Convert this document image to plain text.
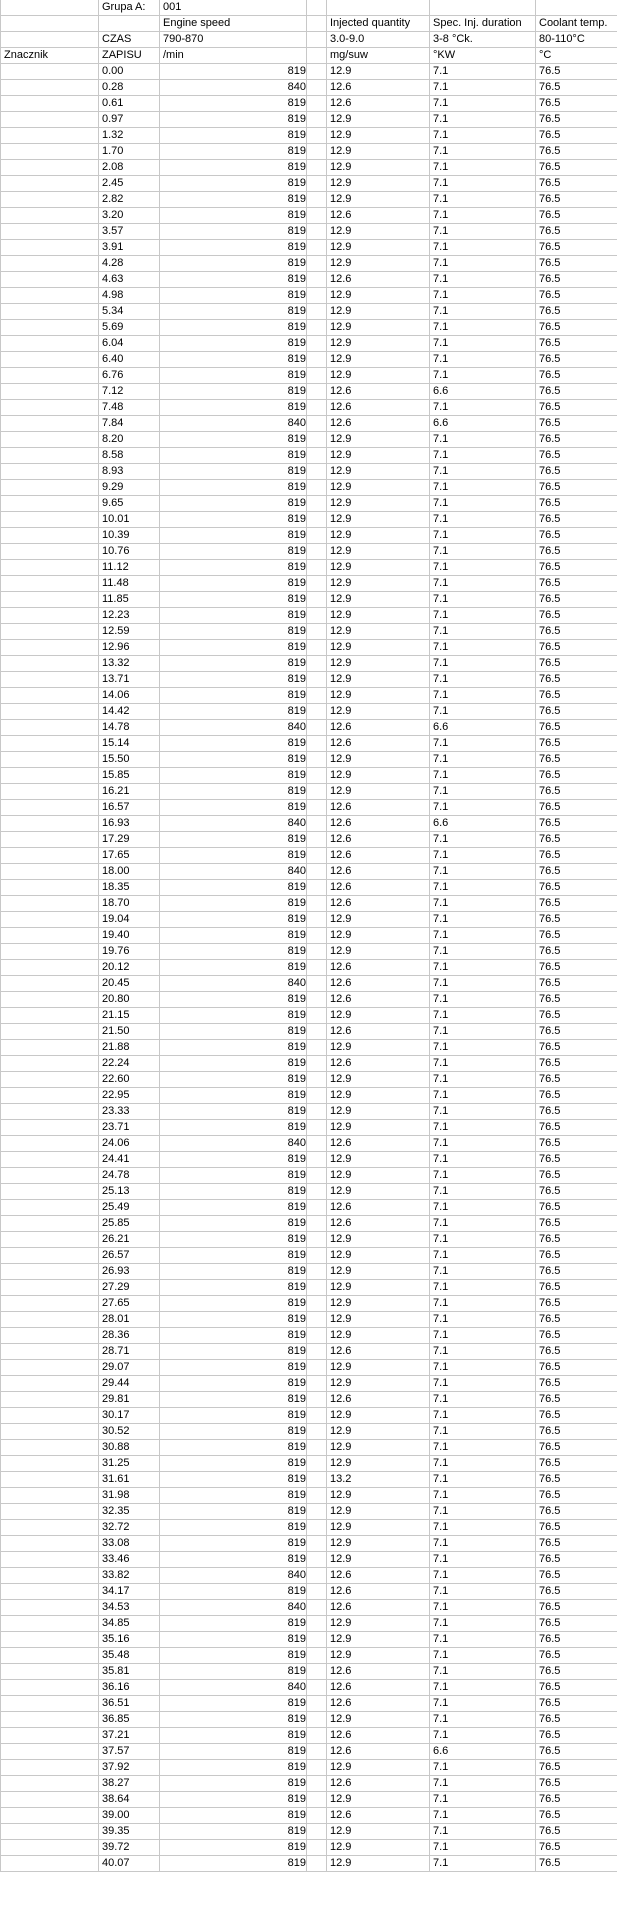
	Grupa A:	001				
		Engine speed		Injected quantity	Spec. Inj. duration	Coolant temp.
	CZAS	790-870		3.0-9.0	3-8 °Ck.	80-110°C
Znacznik	ZAPISU	/min		mg/suw	°KW	°C
	0.00	819		12.9	7.1	76.5
	0.28	840		12.6	7.1	76.5
	0.61	819		12.6	7.1	76.5
	0.97	819		12.9	7.1	76.5
	1.32	819		12.9	7.1	76.5
	1.70	819		12.9	7.1	76.5
	2.08	819		12.9	7.1	76.5
	2.45	819		12.9	7.1	76.5
	2.82	819		12.9	7.1	76.5
	3.20	819		12.6	7.1	76.5
	3.57	819		12.9	7.1	76.5
	3.91	819		12.9	7.1	76.5
	4.28	819		12.9	7.1	76.5
	4.63	819		12.6	7.1	76.5
	4.98	819		12.9	7.1	76.5
	5.34	819		12.9	7.1	76.5
	5.69	819		12.9	7.1	76.5
	6.04	819		12.9	7.1	76.5
	6.40	819		12.9	7.1	76.5
	6.76	819		12.9	7.1	76.5
	7.12	819		12.6	6.6	76.5
	7.48	819		12.6	7.1	76.5
	7.84	840		12.6	6.6	76.5
	8.20	819		12.9	7.1	76.5
	8.58	819		12.9	7.1	76.5
	8.93	819		12.9	7.1	76.5
	9.29	819		12.9	7.1	76.5
	9.65	819		12.9	7.1	76.5
	10.01	819		12.9	7.1	76.5
	10.39	819		12.9	7.1	76.5
	10.76	819		12.9	7.1	76.5
	11.12	819		12.9	7.1	76.5
	11.48	819		12.9	7.1	76.5
	11.85	819		12.9	7.1	76.5
	12.23	819		12.9	7.1	76.5
	12.59	819		12.9	7.1	76.5
	12.96	819		12.9	7.1	76.5
	13.32	819		12.9	7.1	76.5
	13.71	819		12.9	7.1	76.5
	14.06	819		12.9	7.1	76.5
	14.42	819		12.9	7.1	76.5
	14.78	840		12.6	6.6	76.5
	15.14	819		12.6	7.1	76.5
	15.50	819		12.9	7.1	76.5
	15.85	819		12.9	7.1	76.5
	16.21	819		12.9	7.1	76.5
	16.57	819		12.6	7.1	76.5
	16.93	840		12.6	6.6	76.5
	17.29	819		12.6	7.1	76.5
	17.65	819		12.6	7.1	76.5
	18.00	840		12.6	7.1	76.5
	18.35	819		12.6	7.1	76.5
	18.70	819		12.6	7.1	76.5
	19.04	819		12.9	7.1	76.5
	19.40	819		12.9	7.1	76.5
	19.76	819		12.9	7.1	76.5
	20.12	819		12.6	7.1	76.5
	20.45	840		12.6	7.1	76.5
	20.80	819		12.6	7.1	76.5
	21.15	819		12.9	7.1	76.5
	21.50	819		12.6	7.1	76.5
	21.88	819		12.9	7.1	76.5
	22.24	819		12.6	7.1	76.5
	22.60	819		12.9	7.1	76.5
	22.95	819		12.9	7.1	76.5
	23.33	819		12.9	7.1	76.5
	23.71	819		12.9	7.1	76.5
	24.06	840		12.6	7.1	76.5
	24.41	819		12.9	7.1	76.5
	24.78	819		12.9	7.1	76.5
	25.13	819		12.9	7.1	76.5
	25.49	819		12.6	7.1	76.5
	25.85	819		12.6	7.1	76.5
	26.21	819		12.9	7.1	76.5
	26.57	819		12.9	7.1	76.5
	26.93	819		12.9	7.1	76.5
	27.29	819		12.9	7.1	76.5
	27.65	819		12.9	7.1	76.5
	28.01	819		12.9	7.1	76.5
	28.36	819		12.9	7.1	76.5
	28.71	819		12.6	7.1	76.5
	29.07	819		12.9	7.1	76.5
	29.44	819		12.9	7.1	76.5
	29.81	819		12.6	7.1	76.5
	30.17	819		12.9	7.1	76.5
	30.52	819		12.9	7.1	76.5
	30.88	819		12.9	7.1	76.5
	31.25	819		12.9	7.1	76.5
	31.61	819		13.2	7.1	76.5
	31.98	819		12.9	7.1	76.5
	32.35	819		12.9	7.1	76.5
	32.72	819		12.9	7.1	76.5
	33.08	819		12.9	7.1	76.5
	33.46	819		12.9	7.1	76.5
	33.82	840		12.6	7.1	76.5
	34.17	819		12.6	7.1	76.5
	34.53	840		12.6	7.1	76.5
	34.85	819		12.9	7.1	76.5
	35.16	819		12.9	7.1	76.5
	35.48	819		12.9	7.1	76.5
	35.81	819		12.6	7.1	76.5
	36.16	840		12.6	7.1	76.5
	36.51	819		12.6	7.1	76.5
	36.85	819		12.9	7.1	76.5
	37.21	819		12.6	7.1	76.5
	37.57	819		12.6	6.6	76.5
	37.92	819		12.9	7.1	76.5
	38.27	819		12.6	7.1	76.5
	38.64	819		12.9	7.1	76.5
	39.00	819		12.6	7.1	76.5
	39.35	819		12.9	7.1	76.5
	39.72	819		12.9	7.1	76.5
	40.07	819		12.9	7.1	76.5
